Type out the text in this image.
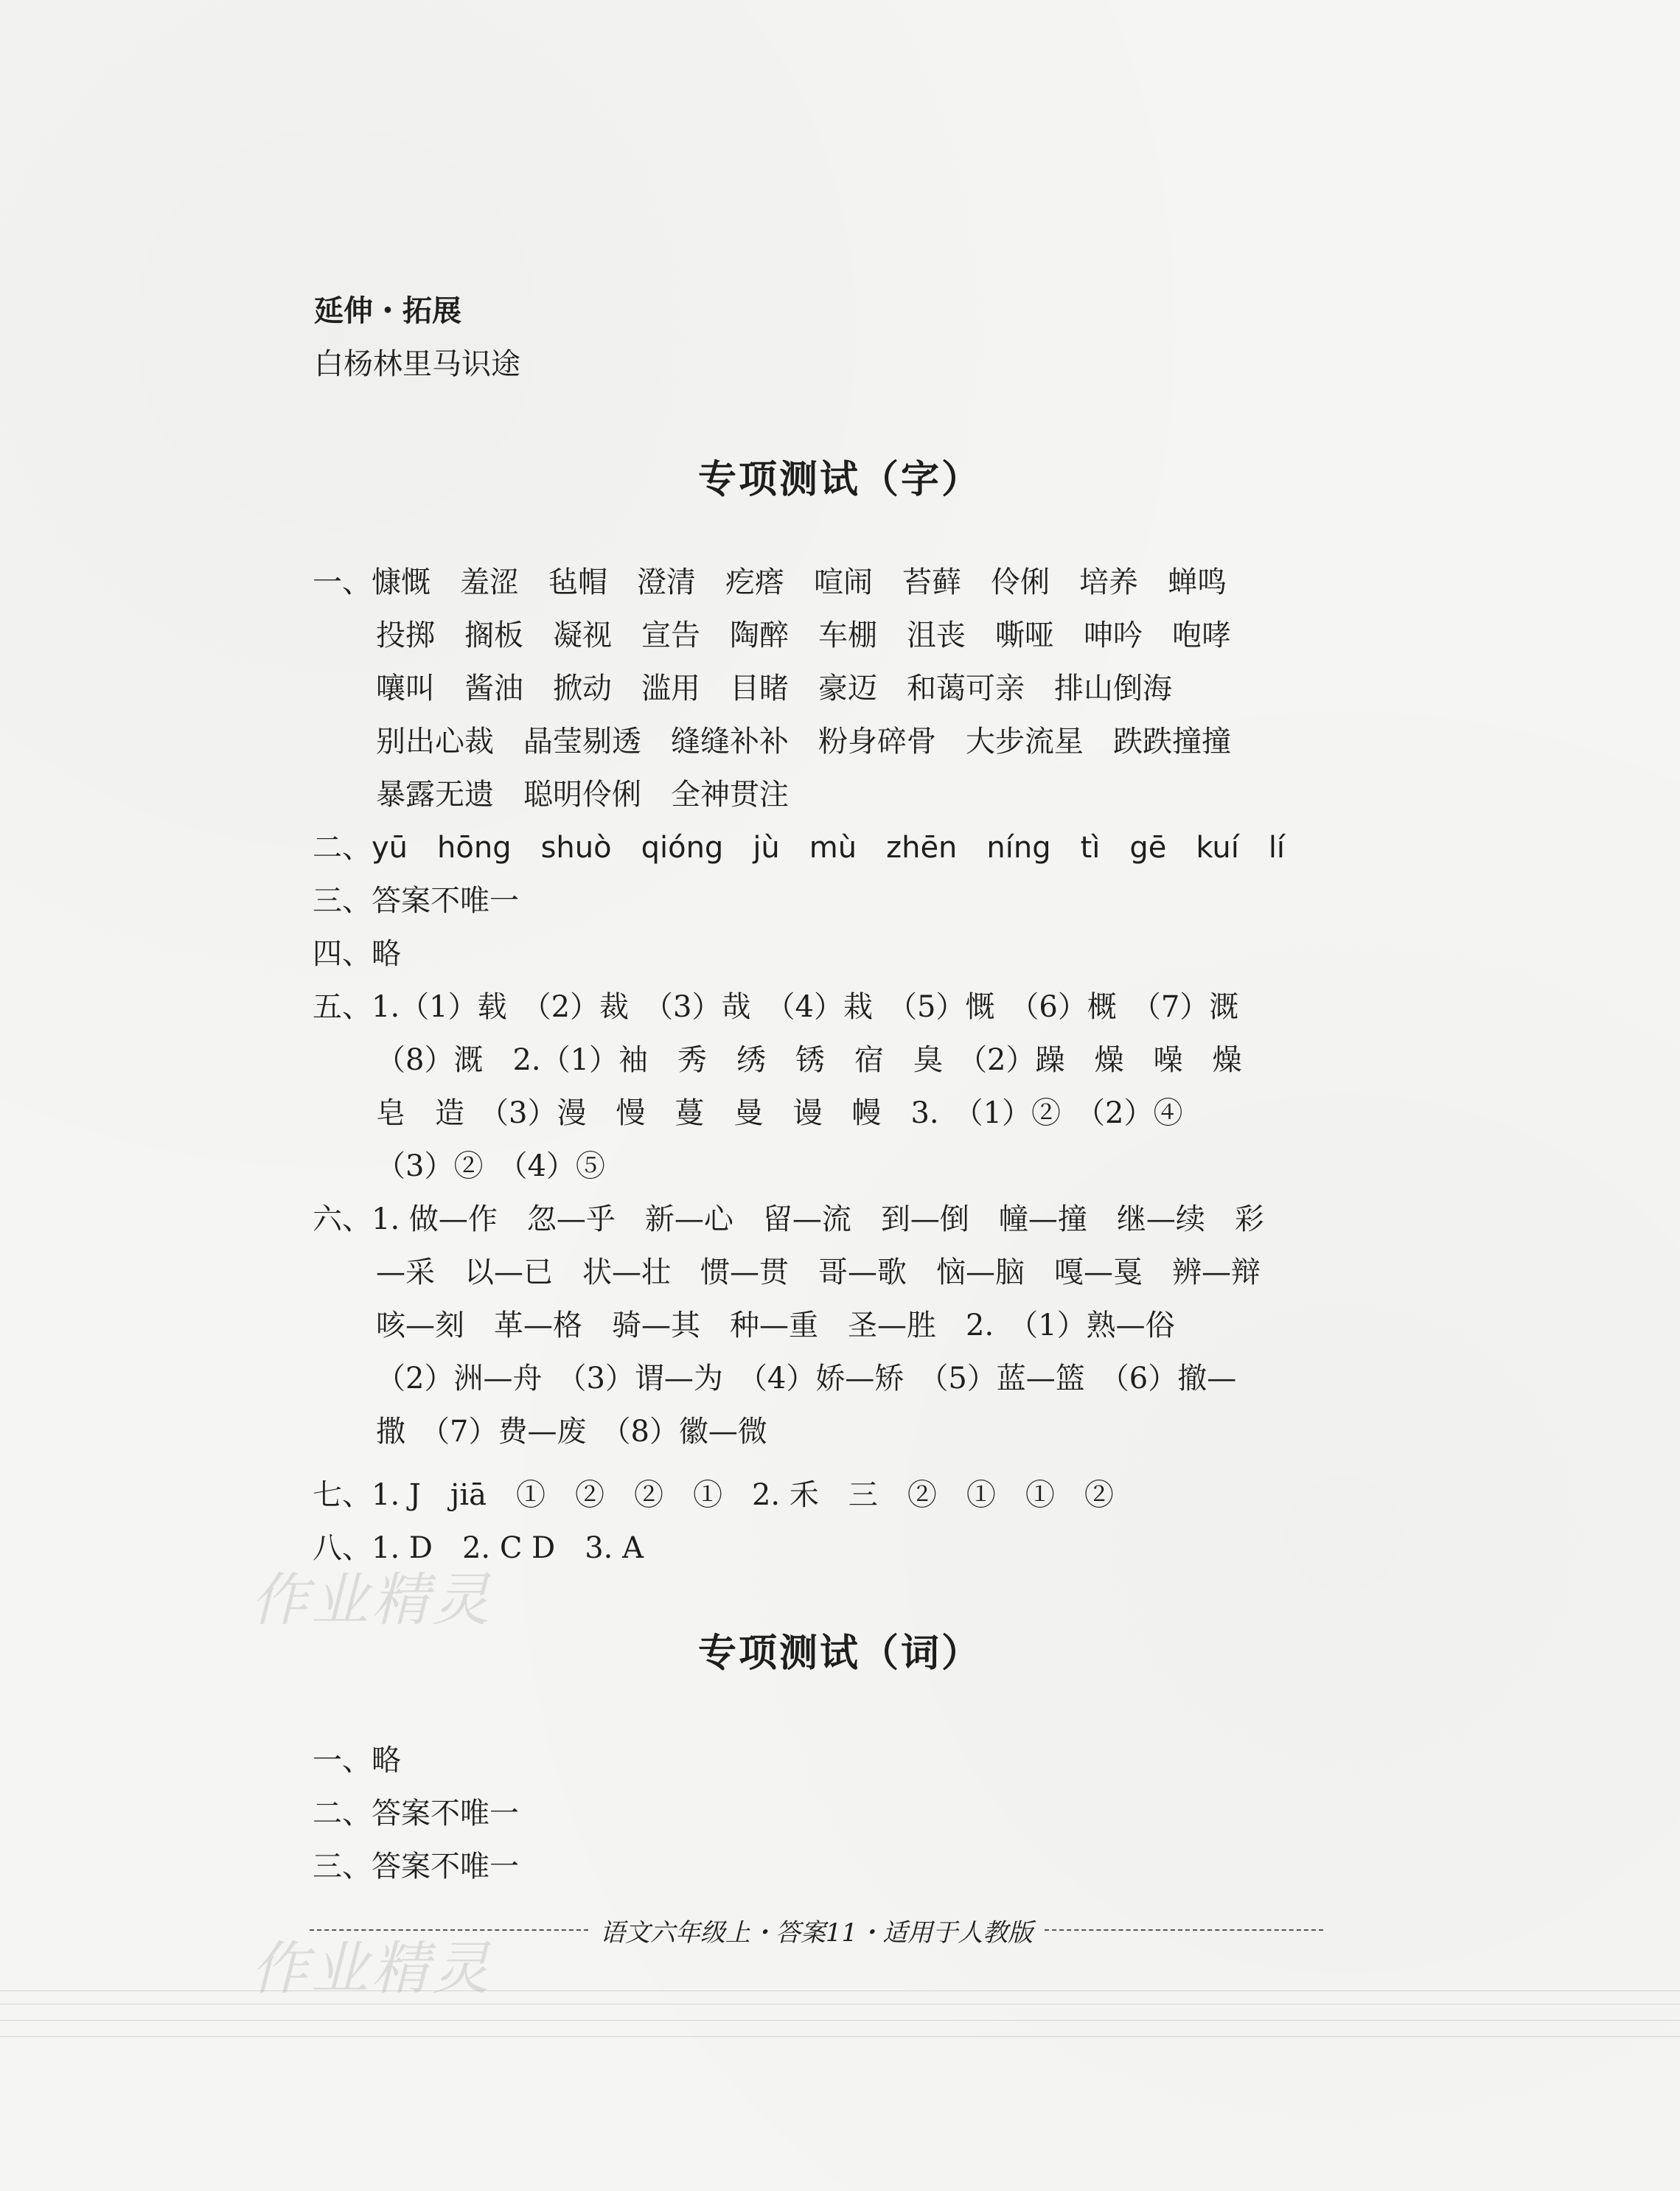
延伸・拓展
白杨林里马识途
专项测试（字）
一、慷慨　羞涩　毡帽　澄清　疙瘩　喧闹　苔藓　伶俐　培养　蝉鸣
投掷　搁板　凝视　宣告　陶醉　车棚　沮丧　嘶哑　呻吟　咆哮
嚷叫　酱油　掀动　滥用　目睹　豪迈　和蔼可亲　排山倒海
别出心裁　晶莹剔透　缝缝补补　粉身碎骨　大步流星　跌跌撞撞
暴露无遗　聪明伶俐　全神贯注
二、yū　hōng　shuò　qióng　jù　mù　zhēn　níng　tì　gē　kuí　lí
三、答案不唯一
四、略
五、1.（1）载　（2）裁　（3）哉　（4）栽　（5）慨　（6）概　（7）溉
（8）溉　2.（1）袖　秀　绣　锈　宿　臭　（2）躁　燥　噪　燥
皂　造　（3）漫　慢　蔓　曼　谩　幔　3.　（1）②　（2）④
（3）②　（4）⑤
六、1. 做—作　忽—乎　新—心　留—流　到—倒　幢—撞　继—续　彩
—采　以—已　状—壮　惯—贯　哥—歌　恼—脑　嘎—戛　辨—辩
咳—刻　革—格　骑—其　种—重　圣—胜　2.　（1）熟—俗
（2）洲—舟　（3）谓—为　（4）娇—矫　（5）蓝—篮　（6）撤—
撒　（7）费—废　（8）徽—微
七、1. J　jiā　①　②　②　①　2. 禾　三　②　①　①　②
八、1. D　2. C D　3. A
作业精灵
专项测试（词）
一、略
二、答案不唯一
三、答案不唯一
语文六年级上・答案11・适用于人教版
作业精灵
